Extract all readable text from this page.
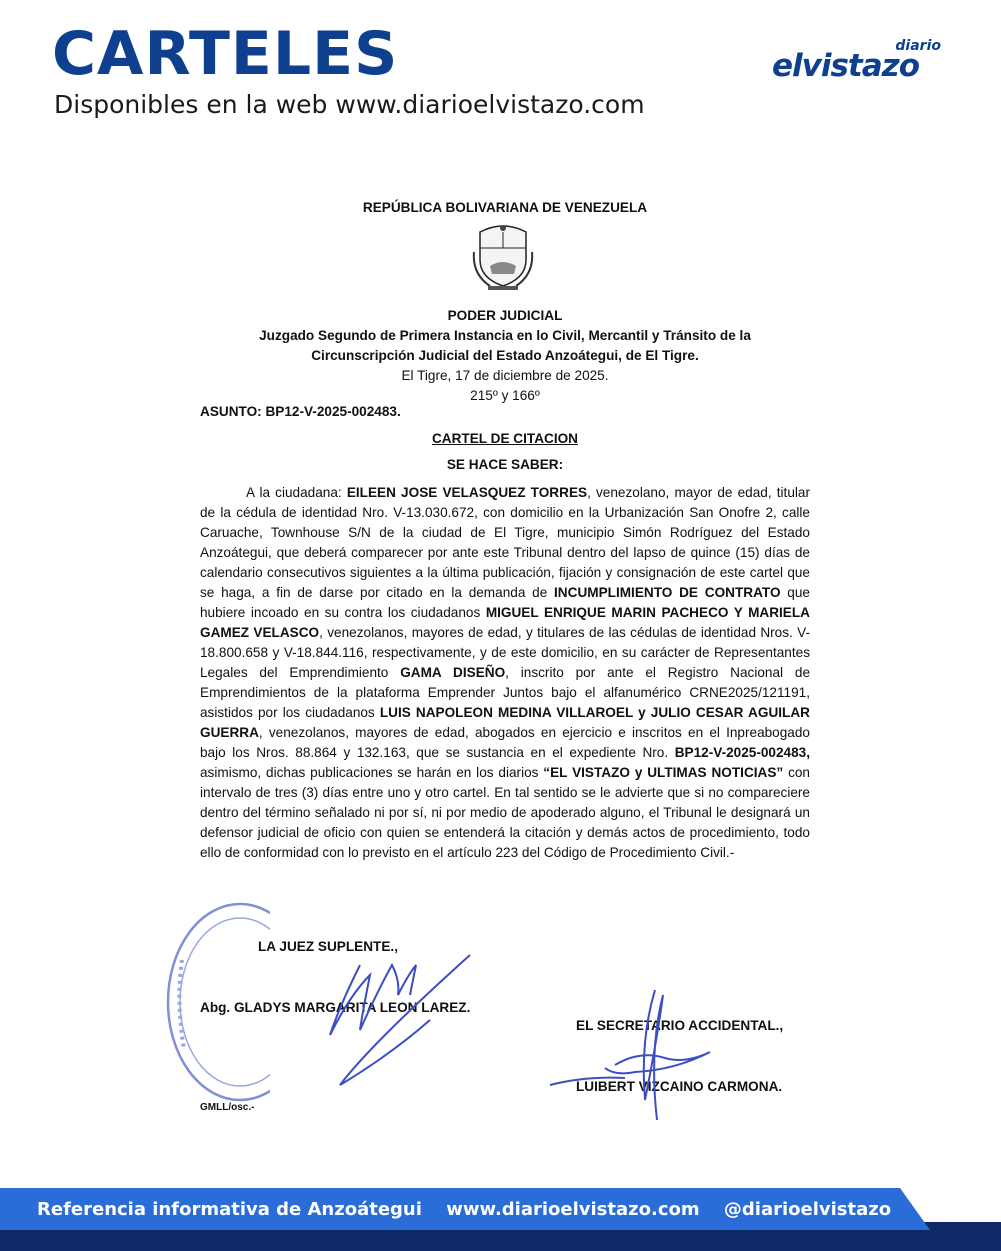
CARTELES
Disponibles en la web www.diarioelvistazo.com
diario
elvistazo
REPÚBLICA BOLIVARIANA DE VENEZUELA
PODER JUDICIAL
Juzgado Segundo de Primera Instancia en lo Civil, Mercantil y Tránsito de la
Circunscripción Judicial del Estado Anzoátegui, de El Tigre.
El Tigre, 17 de diciembre de 2025.
215º y 166º
ASUNTO: BP12-V-2025-002483.
CARTEL DE CITACION
SE HACE SABER:
A la ciudadana: EILEEN JOSE VELASQUEZ TORRES, venezolano, mayor de edad, titular de la cédula de identidad Nro. V-13.030.672, con domicilio en la Urbanización San Onofre 2, calle Caruache, Townhouse S/N de la ciudad de El Tigre, municipio Simón Rodríguez del Estado Anzoátegui, que deberá comparecer por ante este Tribunal dentro del lapso de quince (15) días de calendario consecutivos siguientes a la última publicación, fijación y consignación de este cartel que se haga, a fin de darse por citado en la demanda de INCUMPLIMIENTO DE CONTRATO que hubiere incoado en su contra los ciudadanos MIGUEL ENRIQUE MARIN PACHECO Y MARIELA GAMEZ VELASCO, venezolanos, mayores de edad, y titulares de las cédulas de identidad Nros. V-18.800.658 y V-18.844.116, respectivamente, y de este domicilio, en su carácter de Representantes Legales del Emprendimiento GAMA DISEÑO, inscrito por ante el Registro Nacional de Emprendimientos de la plataforma Emprender Juntos bajo el alfanumérico CRNE2025/121191, asistidos por los ciudadanos LUIS NAPOLEON MEDINA VILLAROEL y JULIO CESAR AGUILAR GUERRA, venezolanos, mayores de edad, abogados en ejercicio e inscritos en el Inpreabogado bajo los Nros. 88.864 y 132.163, que se sustancia en el expediente Nro. BP12-V-2025-002483, asimismo, dichas publicaciones se harán en los diarios “EL VISTAZO y ULTIMAS NOTICIAS” con intervalo de tres (3) días entre uno y otro cartel. En tal sentido se le advierte que si no compareciere dentro del término señalado ni por sí, ni por medio de apoderado alguno, el Tribunal le designará un defensor judicial de oficio con quien se entenderá la citación y demás actos de procedimiento, todo ello de conformidad con lo previsto en el artículo 223 del Código de Procedimiento Civil.-
LA JUEZ SUPLENTE.,
Abg. GLADYS MARGARITA LEON LAREZ.
EL SECRETARIO ACCIDENTAL.,
LUIBERT VIZCAINO CARMONA.
GMLL/osc.-
Referencia informativa de Anzoátegui www.diarioelvistazo.com @diarioelvistazo
